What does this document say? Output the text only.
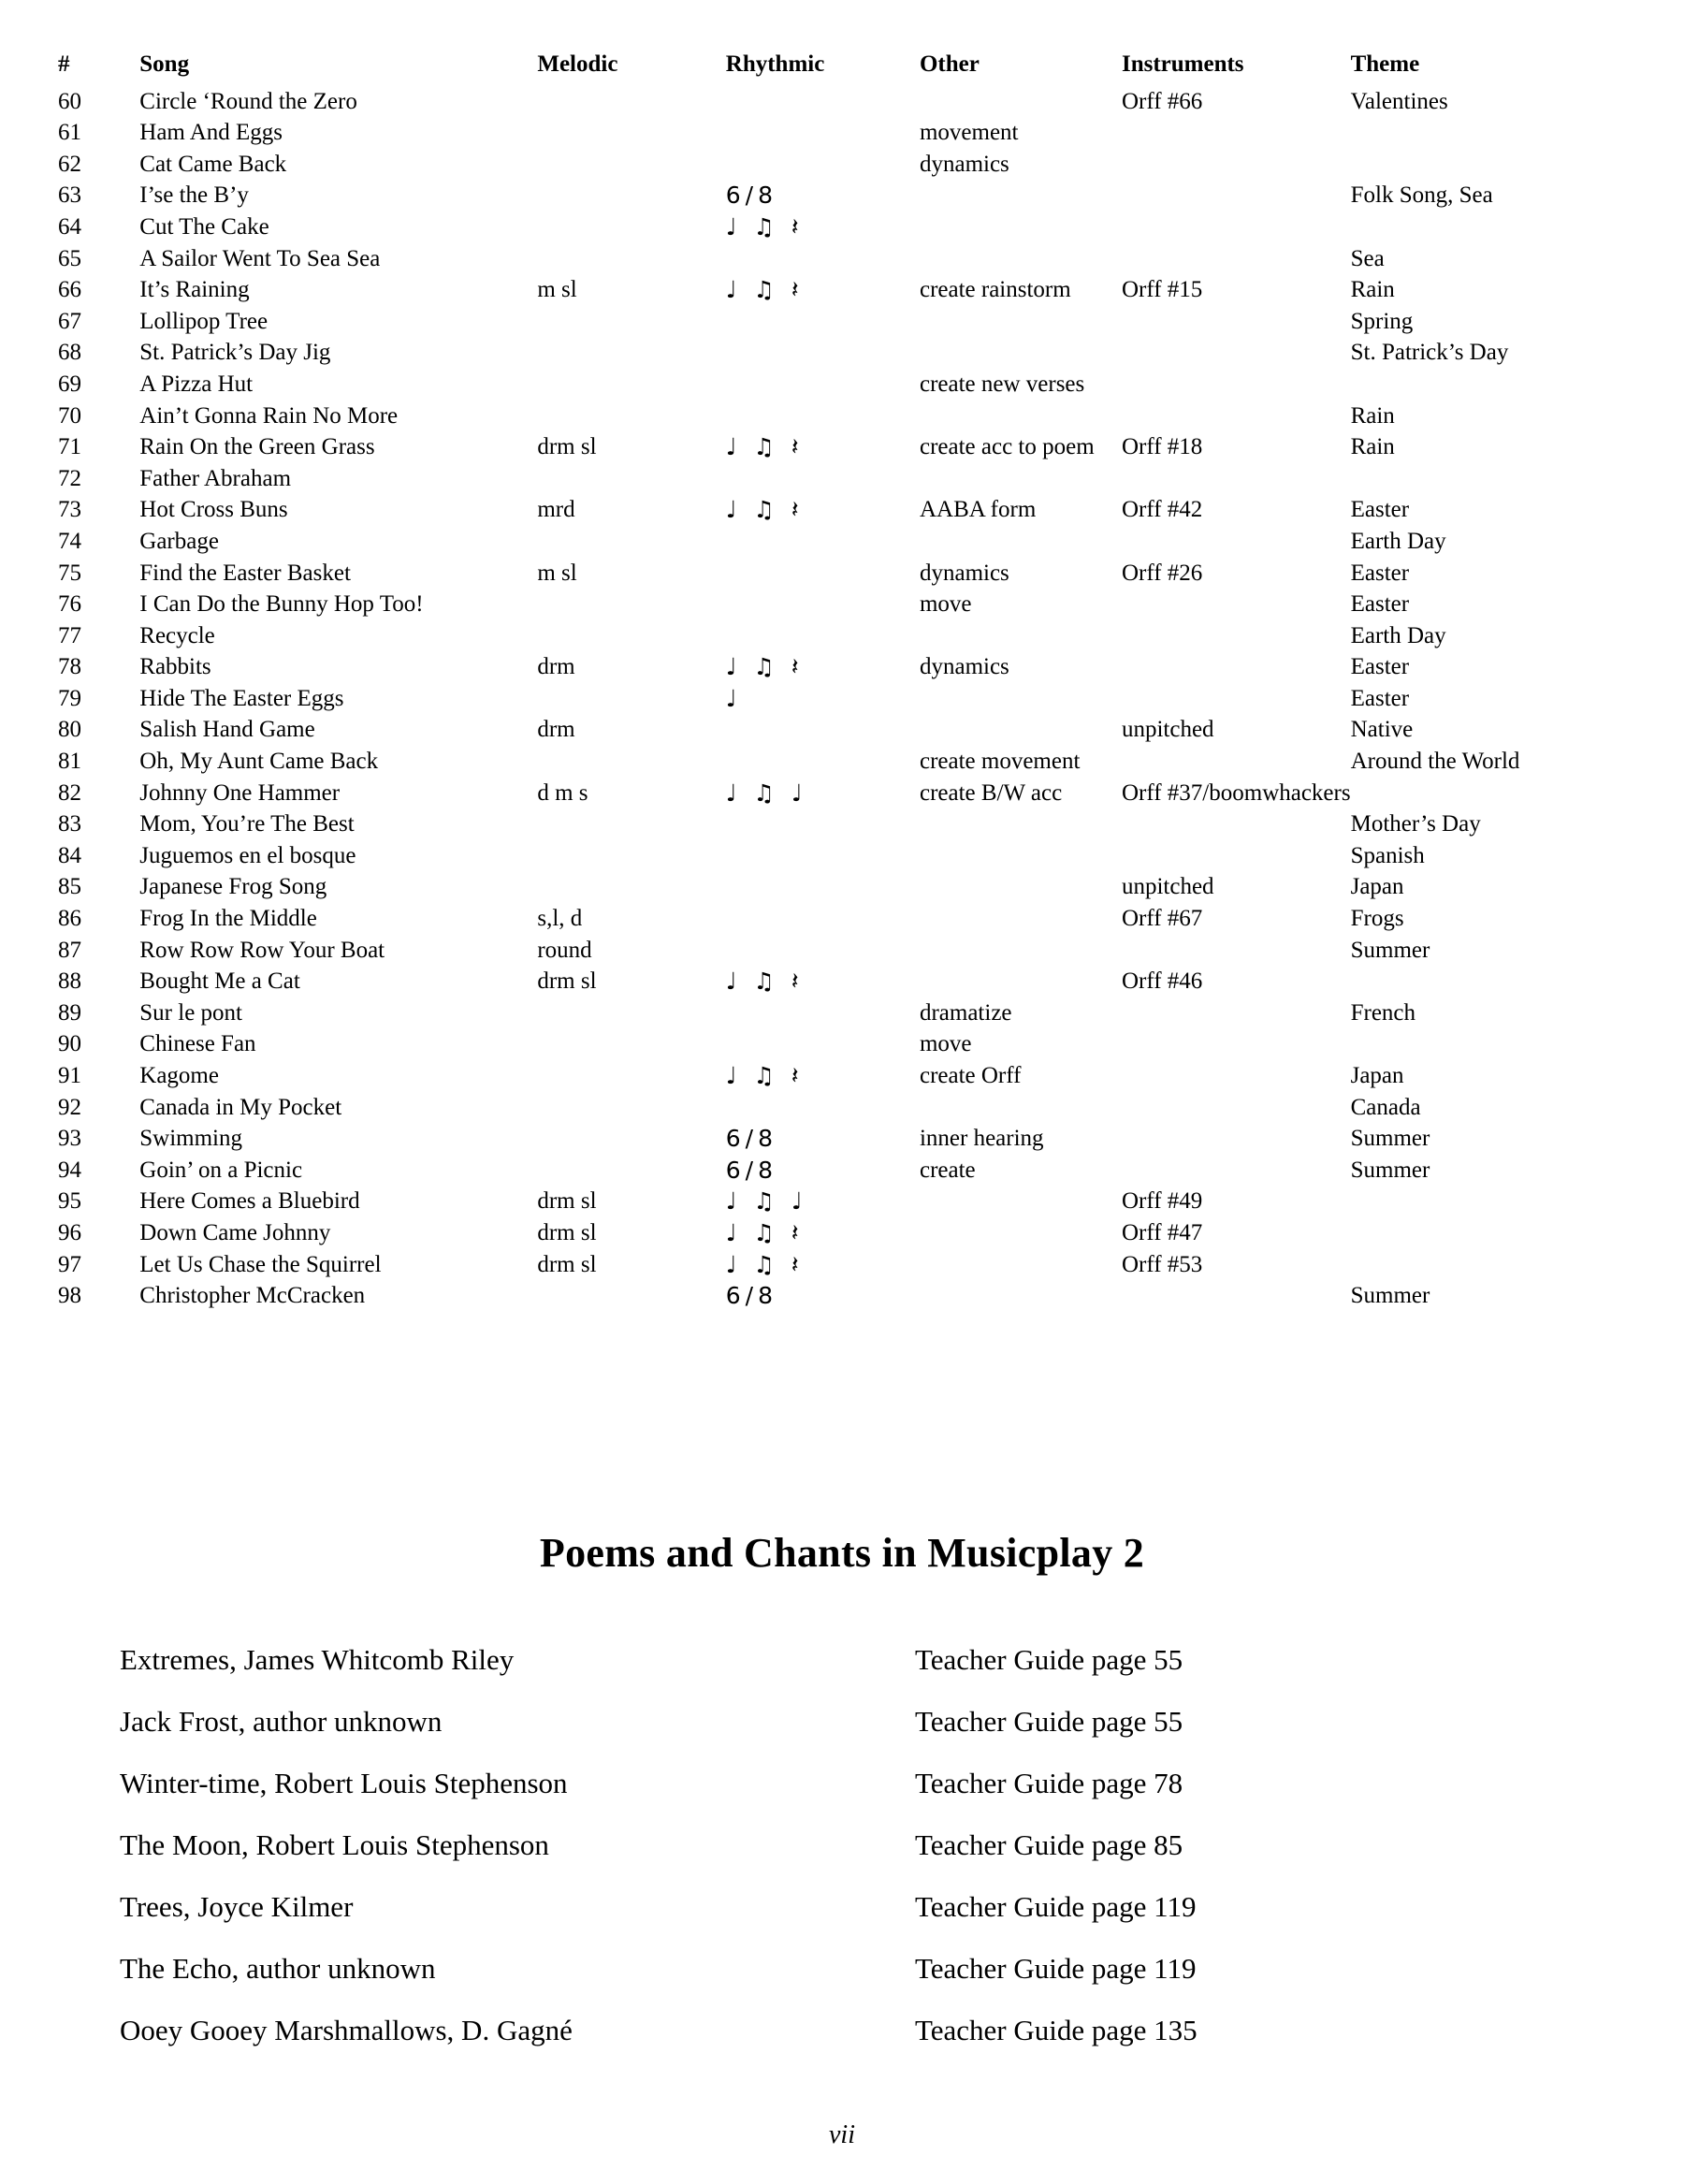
#	Song	Melodic	Rhythmic	Other	Instruments	Theme
60	Circle ‘Round the Zero				Orff #66	Valentines
61	Ham And Eggs			movement		
62	Cat Came Back			dynamics		
63	I’se the B’y		6/8			Folk Song, Sea
64	Cut The Cake		♩ ♫ 𝄽			
65	A Sailor Went To Sea Sea					Sea
66	It’s Raining	m sl	♩ ♫ 𝄽	create rainstorm	Orff #15	Rain
67	Lollipop Tree					Spring
68	St. Patrick’s Day Jig					St. Patrick’s Day
69	A Pizza Hut			create new verses		
70	Ain’t Gonna Rain No More					Rain
71	Rain On the Green Grass	drm sl	♩ ♫ 𝄽	create acc to poem	Orff #18	Rain
72	Father Abraham					
73	Hot Cross Buns	mrd	♩ ♫ 𝄽	AABA form	Orff #42	Easter
74	Garbage					Earth Day
75	Find the Easter Basket	m sl		dynamics	Orff #26	Easter
76	I Can Do the Bunny Hop Too!			move		Easter
77	Recycle					Earth Day
78	Rabbits	drm	♩ ♫ 𝄽	dynamics		Easter
79	Hide The Easter Eggs		♩			Easter
80	Salish Hand Game	drm			unpitched	Native
81	Oh, My Aunt Came Back			create movement		Around the World
82	Johnny One Hammer	d m s	♩ ♫ ♩	create B/W acc	Orff #37/boomwhackers	
83	Mom, You’re The Best					Mother’s Day
84	Juguemos en el bosque					Spanish
85	Japanese Frog Song				unpitched	Japan
86	Frog In the Middle	s,l, d			Orff #67	Frogs
87	Row Row Row Your Boat	round				Summer
88	Bought Me a Cat	drm sl	♩ ♫ 𝄽		Orff #46	
89	Sur le pont			dramatize		French
90	Chinese Fan			move		
91	Kagome		♩ ♫ 𝄽	create Orff		Japan
92	Canada in My Pocket					Canada
93	Swimming		6/8	inner hearing		Summer
94	Goin’ on a Picnic		6/8	create		Summer
95	Here Comes a Bluebird	drm sl	♩ ♫ ♩		Orff #49	
96	Down Came Johnny	drm sl	♩ ♫ 𝄽		Orff #47	
97	Let Us Chase the Squirrel	drm sl	♩ ♫ 𝄽		Orff #53	
98	Christopher McCracken		6/8			Summer
Poems and Chants in Musicplay 2
Extremes, James Whitcomb Riley	Teacher Guide page 55
Jack Frost, author unknown	Teacher Guide page 55
Winter-time, Robert Louis Stephenson	Teacher Guide page 78
The Moon, Robert Louis Stephenson	Teacher Guide page 85
Trees, Joyce Kilmer	Teacher Guide page 119
The Echo, author unknown	Teacher Guide page 119
Ooey Gooey Marshmallows, D. Gagné	Teacher Guide page 135
vii
